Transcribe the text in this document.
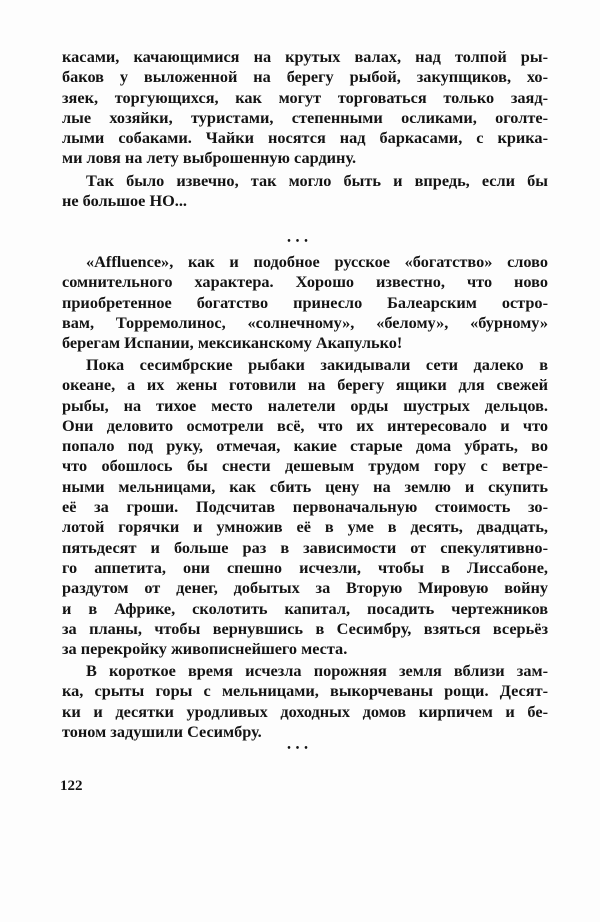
касами, качающимися на крутых валах, над толпой ры-
баков у выложенной на берегу рыбой, закупщиков, хо-
зяек, торгующихся, как могут торговаться только заяд-
лые хозяйки, туристами, степенными осликами, оголте-
лыми собаками. Чайки носятся над баркасами, с крика-
ми ловя на лету выброшенную сардину.
Так было извечно, так могло быть и впредь, если бы
не большое НО...
•••
«Affluence», как и подобное русское «богатство» слово
сомнительного характера. Хорошо известно, что ново
приобретенное богатство принесло Балеарским остро-
вам, Торремолинос, «солнечному», «белому», «бурному»
берегам Испании, мексиканскому Акапулько!
Пока сесимбрские рыбаки закидывали сети далеко в
океане, а их жены готовили на берегу ящики для свежей
рыбы, на тихое место налетели орды шустрых дельцов.
Они деловито осмотрели всё, что их интересовало и что
попало под руку, отмечая, какие старые дома убрать, во
что обошлось бы снести дешевым трудом гору с ветре-
ными мельницами, как сбить цену на землю и скупить
её за гроши. Подсчитав первоначальную стоимость зо-
лотой горячки и умножив её в уме в десять, двадцать,
пятьдесят и больше раз в зависимости от спекулятивно-
го аппетита, они спешно исчезли, чтобы в Лиссабоне,
раздутом от денег, добытых за Вторую Мировую войну
и в Африке, сколотить капитал, посадить чертежников
за планы, чтобы вернувшись в Сесимбру, взяться всерьёз
за перекройку живописнейшего места.
В короткое время исчезла порожняя земля вблизи зам-
ка, срыты горы с мельницами, выкорчеваны рощи. Десят-
ки и десятки уродливых доходных домов кирпичем и бе-
тоном задушили Сесимбру.
•••
122
